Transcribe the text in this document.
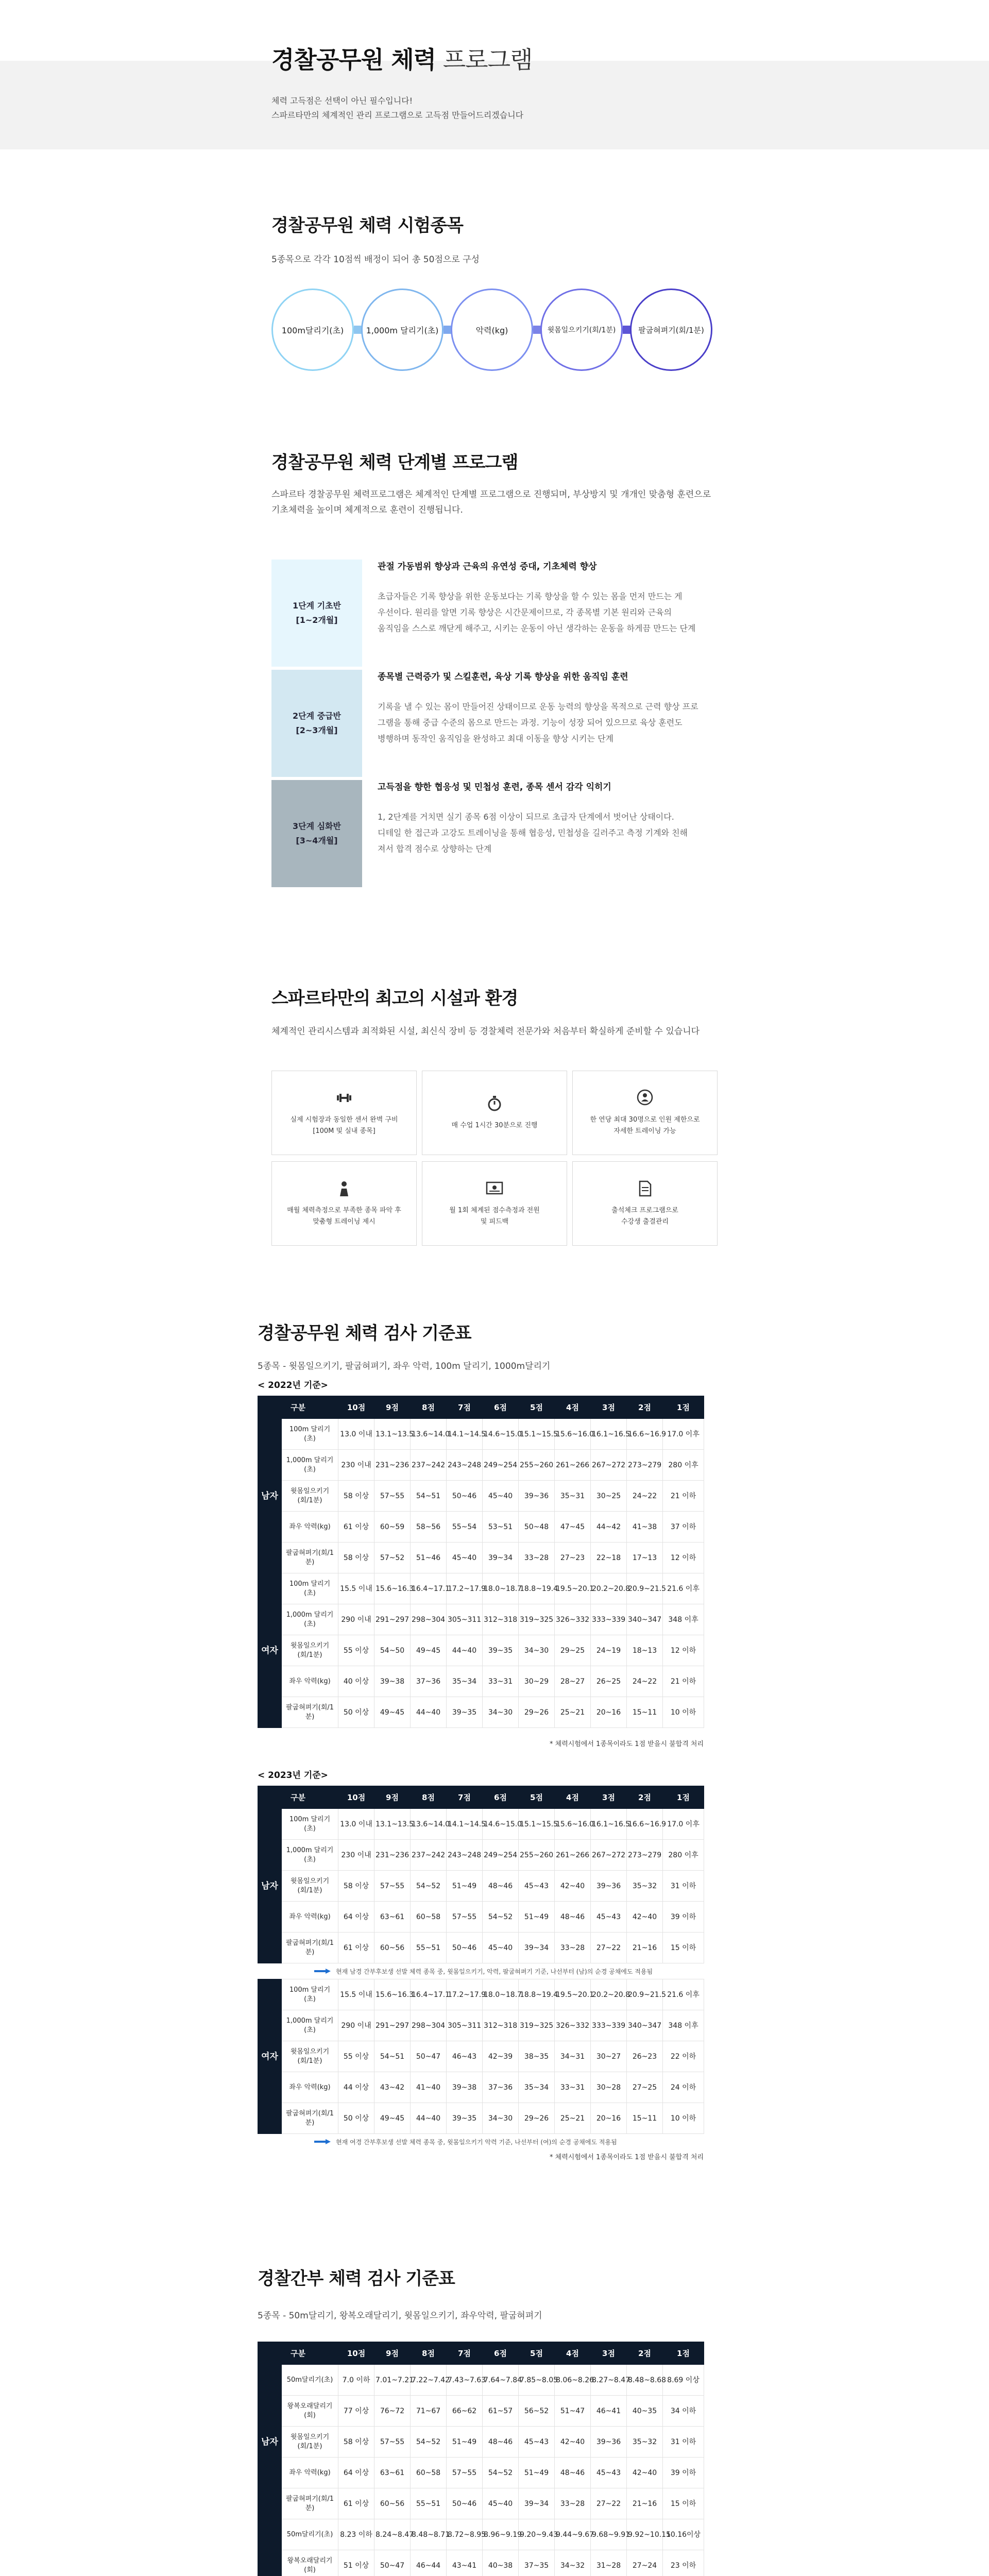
경찰공무원 체력 프로그램
체력 고득점은 선택이 아닌 필수입니다!
스파르타만의 체계적인 관리 프로그램으로 고득점 만들어드리겠습니다
경찰공무원 체력 시험종목
5종목으로 각각 10점씩 배정이 되어 총 50점으로 구성
100m달리기(초)	1,000m 달리기(초)	악력(kg)	윗몸일으키기(회/1분)	팔굽혀펴기(회/1분)
경찰공무원 체력 단계별 프로그램
스파르타 경찰공무원 체력프로그램은 체계적인 단계별 프로그램으로 진행되며, 부상방지 및 개개인 맞춤형 훈련으로
기초체력을 높이며 체계적으로 훈련이 진행됩니다.
1단계 기초반
[1~2개월]
관절 가동범위 향상과 근육의 유연성 증대, 기초체력 향상
초급자들은 기록 향상을 위한 운동보다는 기록 향상을 할 수 있는 몸을 먼저 만드는 게
우선이다. 원리를 알면 기록 향상은 시간문제이므로, 각 종목별 기본 원리와 근육의
움직임을 스스로 깨닫게 해주고, 시키는 운동이 아닌 생각하는 운동을 하게끔 만드는 단계
2단계 중급반
[2~3개월]
종목별 근력증가 및 스킬훈련, 육상 기록 향상을 위한 움직임 훈련
기록을 낼 수 있는 몸이 만들어진 상태이므로 운동 능력의 향상을 목적으로 근력 향상 프로
그램을 통해 중급 수준의 몸으로 만드는 과정. 기능이 성장 되어 있으므로 육상 훈련도
병행하며 동작인 움직임을 완성하고 최대 이동을 향상 시키는 단계
3단계 심화반
[3~4개월]
고득점을 향한 협응성 및 민첩성 훈련, 종목 센서 감각 익히기
1, 2단계를 거치면 실기 종목 6점 이상이 되므로 초급자 단계에서 벗어난 상태이다.
디테일 한 접근과 고강도 트레이닝을 통해 협응성, 민첩성을 길러주고 측정 기계와 친해
져서 합격 점수로 상향하는 단계
스파르타만의 최고의 시설과 환경
체계적인 관리시스템과 최적화된 시설, 최신식 장비 등 경찰체력 전문가와 처음부터 확실하게 준비할 수 있습니다
실제 시험장과 동일한 센서 완벽 구비
[100M 및 실내 종목]
매 수업 1시간 30분으로 진행
한 연당 최대 30명으로 인원 제한으로
자세한 트레이닝 가능
매월 체력측정으로 부족한 종목 파악 후
맞춤형 트레이닝 제시
월 1회 체계된 점수측정과 전원
및 피드백
출석체크 프로그램으로
수강생 출결관리
경찰공무원 체력 검사 기준표
5종목 - 윗몸일으키기, 팔굽혀펴기, 좌우 악력, 100m 달리기, 1000m달리기
< 2022년 기준>
구분		10점	9점	8점	7점	6점	5점	4점	3점	2점	1점
남자	100m 달리기 (초)	13.0 이내	13.1~13.5	13.6~14.0	14.1~14.5	14.6~15.0	15.1~15.5	15.6~16.0	16.1~16.5	16.6~16.9	17.0 이후
	1,000m 달리기 (초)	230 이내	231~236	237~242	243~248	249~254	255~260	261~266	267~272	273~279	280 이후
	윗몸일으키기(회/1분)	58 이상	57~55	54~51	50~46	45~40	39~36	35~31	30~25	24~22	21 이하
	좌우 악력(kg)	61 이상	60~59	58~56	55~54	53~51	50~48	47~45	44~42	41~38	37 이하
	팔굽혀펴기(회/1분)	58 이상	57~52	51~46	45~40	39~34	33~28	27~23	22~18	17~13	12 이하
여자	100m 달리기 (초)	15.5 이내	15.6~16.3	16.4~17.1	17.2~17.9	18.0~18.7	18.8~19.4	19.5~20.1	20.2~20.8	20.9~21.5	21.6 이후
	1,000m 달리기 (초)	290 이내	291~297	298~304	305~311	312~318	319~325	326~332	333~339	340~347	348 이후
	윗몸일으키기(회/1분)	55 이상	54~50	49~45	44~40	39~35	34~30	29~25	24~19	18~13	12 이하
	좌우 악력(kg)	40 이상	39~38	37~36	35~34	33~31	30~29	28~27	26~25	24~22	21 이하
	팔굽혀펴기(회/1분)	50 이상	49~45	44~40	39~35	34~30	29~26	25~21	20~16	15~11	10 이하
* 체력시험에서 1종목이라도 1점 받을시 불합격 처리
< 2023년 기준>
구분		10점	9점	8점	7점	6점	5점	4점	3점	2점	1점
남자	100m 달리기 (초)	13.0 이내	13.1~13.5	13.6~14.0	14.1~14.5	14.6~15.0	15.1~15.5	15.6~16.0	16.1~16.5	16.6~16.9	17.0 이후
	1,000m 달리기 (초)	230 이내	231~236	237~242	243~248	249~254	255~260	261~266	267~272	273~279	280 이후
	윗몸일으키기(회/1분)	58 이상	57~55	54~52	51~49	48~46	45~43	42~40	39~36	35~32	31 이하
	좌우 악력(kg)	64 이상	63~61	60~58	57~55	54~52	51~49	48~46	45~43	42~40	39 이하
	팔굽혀펴기(회/1분)	61 이상	60~56	55~51	50~46	45~40	39~34	33~28	27~22	21~16	15 이하
현재 남경 간부후보생 선발 체력 종목 중, 윗몸일으키기, 악력, 팔굽혀펴기 기준, 나선부터 (남)의 순경 공채에도 적용됨
여자	100m 달리기 (초)	15.5 이내	15.6~16.3	16.4~17.1	17.2~17.9	18.0~18.7	18.8~19.4	19.5~20.1	20.2~20.8	20.9~21.5	21.6 이후
	1,000m 달리기 (초)	290 이내	291~297	298~304	305~311	312~318	319~325	326~332	333~339	340~347	348 이후
	윗몸일으키기(회/1분)	55 이상	54~51	50~47	46~43	42~39	38~35	34~31	30~27	26~23	22 이하
	좌우 악력(kg)	44 이상	43~42	41~40	39~38	37~36	35~34	33~31	30~28	27~25	24 이하
	팔굽혀펴기(회/1분)	50 이상	49~45	44~40	39~35	34~30	29~26	25~21	20~16	15~11	10 이하
현재 여경 간부후보생 선발 체력 종목 중, 윗몸일으키기 악력 기준, 나선부터 (여)의 순경 공채에도 적용됨
* 체력시험에서 1종목이라도 1점 받을시 불합격 처리
경찰간부 체력 검사 기준표
5종목 - 50m달리기, 왕복오래달리기, 윗몸일으키기, 좌우악력, 팔굽혀펴기
구분		10점	9점	8점	7점	6점	5점	4점	3점	2점	1점
남자	50m달리기(초)	7.0 이하	7.01~7.21	7.22~7.42	7.43~7.63	7.64~7.84	7.85~8.05	8.06~8.26	8.27~8.47	8.48~8.68	8.69 이상
	왕복오래달리기 (회)	77 이상	76~72	71~67	66~62	61~57	56~52	51~47	46~41	40~35	34 이하
	윗몸일으키기(회/1분)	58 이상	57~55	54~52	51~49	48~46	45~43	42~40	39~36	35~32	31 이하
	좌우 악력(kg)	64 이상	63~61	60~58	57~55	54~52	51~49	48~46	45~43	42~40	39 이하
	팔굽혀펴기(회/1분)	61 이상	60~56	55~51	50~46	45~40	39~34	33~28	27~22	21~16	15 이하
	50m달리기(초)	8.23 이하	8.24~8.47	8.48~8.71	8.72~8.95	8.96~9.19	9.20~9.43	9.44~9.67	9.68~9.91	9.92~10.15	10.16이상
	왕복오래달리기 (회)	51 이상	50~47	46~44	43~41	40~38	37~35	34~32	31~28	27~24	23 이하
